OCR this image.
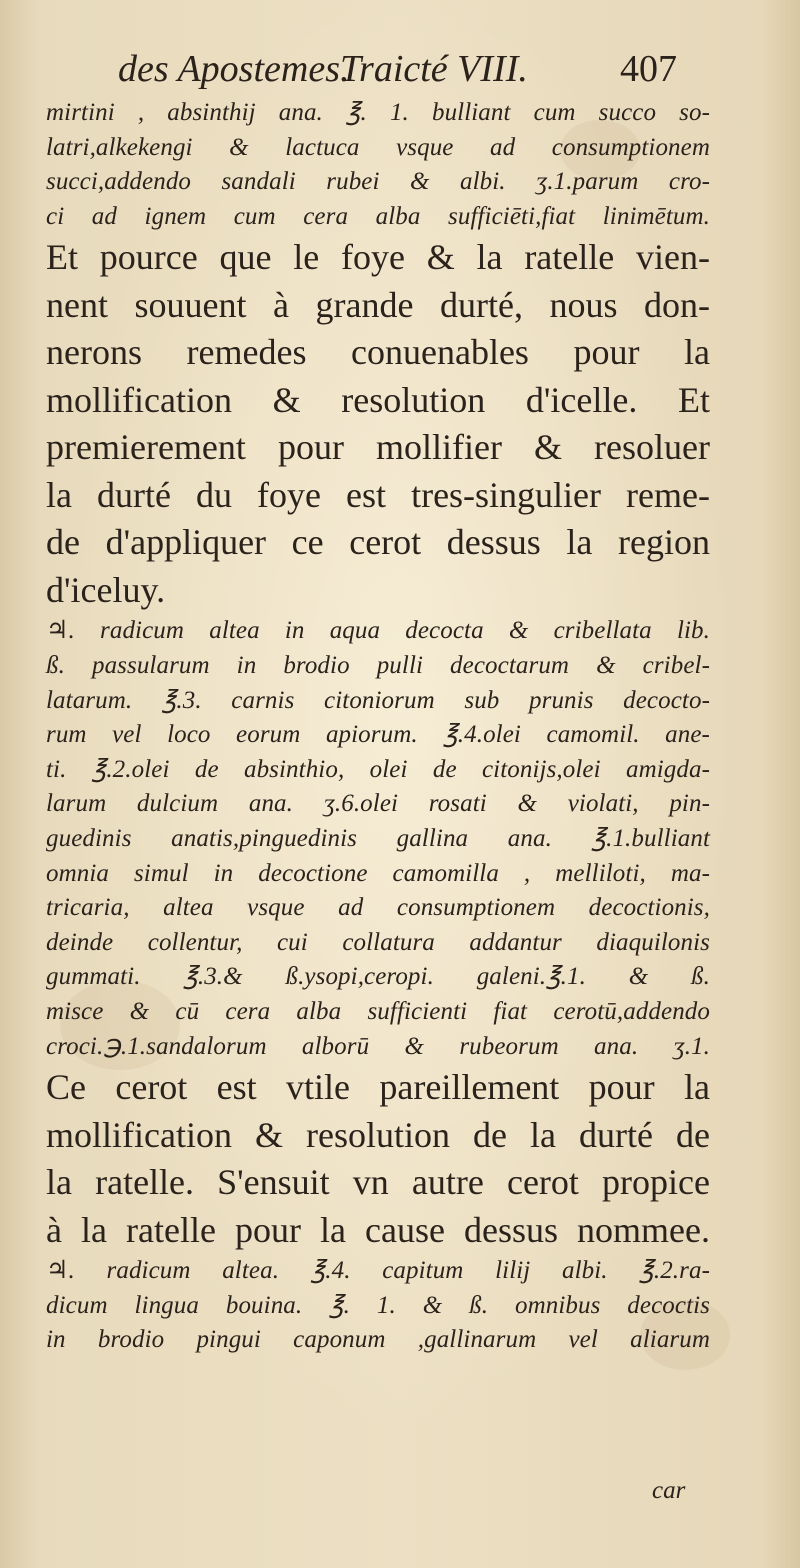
des Apostemes.
Traicté VIII. 407
mirtini , absinthij ana. ℥. 1. bulliant cum succo so-
latri,alkekengi & lactuca vsque ad consumptionem
succi,addendo sandali rubei & albi. ʒ.1.parum cro-
ci ad ignem cum cera alba sufficiēti,fiat linimētum.
Et pource que le foye & la ratelle vien-
nent souuent à grande durté, nous don-
nerons remedes conuenables pour la
mollification & resolution d'icelle. Et
premierement pour mollifier & resoluer
la durté du foye est tres-singulier reme-
de d'appliquer ce cerot dessus la region
d'iceluy.
♃. radicum altea in aqua decocta & cribellata lib.
ß. passularum in brodio pulli decoctarum & cribel-
latarum. ℥.3. carnis citoniorum sub prunis decocto-
rum vel loco eorum apiorum. ℥.4.olei camomil. ane-
ti. ℥.2.olei de absinthio, olei de citonijs,olei amigda-
larum dulcium ana. ʒ.6.olei rosati & violati, pin-
guedinis anatis,pinguedinis gallina ana. ℥.1.bulliant
omnia simul in decoctione camomilla , melliloti, ma-
tricaria, altea vsque ad consumptionem decoctionis,
deinde collentur, cui collatura addantur diaquilonis
gummati. ℥.3.& ß.ysopi,ceropi. galeni.℥.1. & ß.
misce & cū cera alba sufficienti fiat cerotū,addendo
croci.℈.1.sandalorum alborū & rubeorum ana. ʒ.1.
Ce cerot est vtile pareillement pour la
mollification & resolution de la durté de
la ratelle. S'ensuit vn autre cerot propice
à la ratelle pour la cause dessus nommee.
♃. radicum altea. ℥.4. capitum lilij albi. ℥.2.ra-
dicum lingua bouina. ℥. 1. & ß. omnibus decoctis
in brodio pingui caponum ,gallinarum vel aliarum
car
